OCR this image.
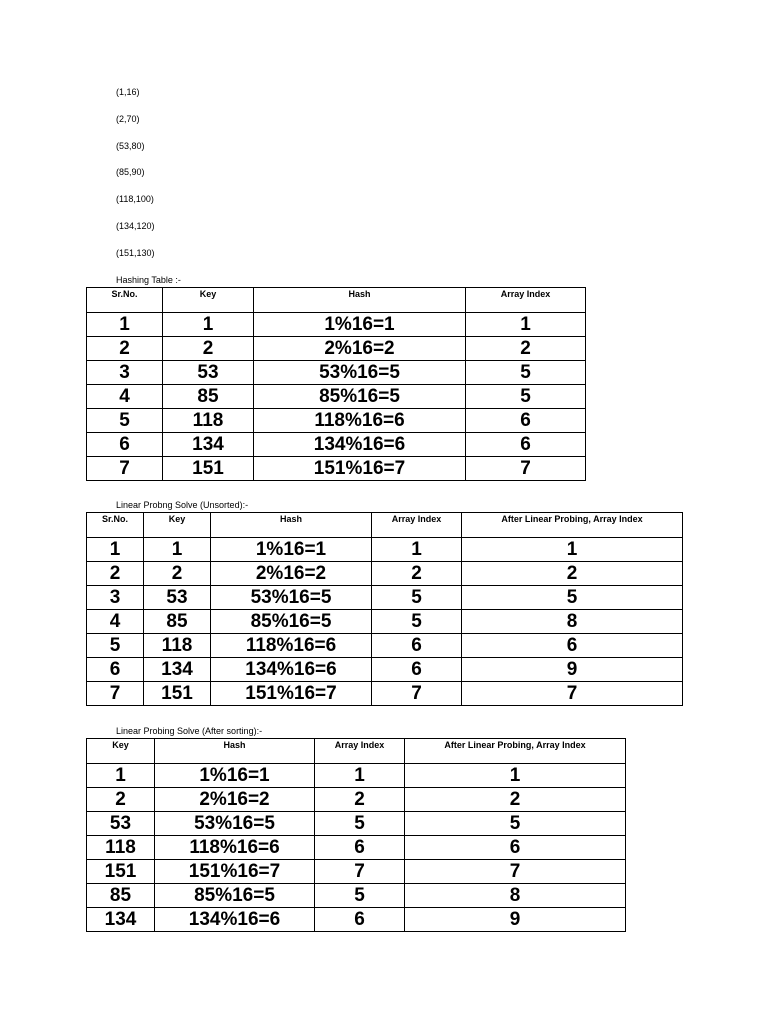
(1,16)
(2,70)
(53,80)
(85,90)
(118,100)
(134,120)
(151,130)
Hashing Table :-
Sr.No.	Key	Hash	Array Index
1	1	1%16=1	1
2	2	2%16=2	2
3	53	53%16=5	5
4	85	85%16=5	5
5	118	118%16=6	6
6	134	134%16=6	6
7	151	151%16=7	7
Linear Probng Solve (Unsorted):-
Sr.No.	Key	Hash	Array Index	After Linear Probing, Array Index
1	1	1%16=1	1	1
2	2	2%16=2	2	2
3	53	53%16=5	5	5
4	85	85%16=5	5	8
5	118	118%16=6	6	6
6	134	134%16=6	6	9
7	151	151%16=7	7	7
Linear Probing Solve (After sorting):-
Key	Hash	Array Index	After Linear Probing, Array Index
1	1%16=1	1	1
2	2%16=2	2	2
53	53%16=5	5	5
118	118%16=6	6	6
151	151%16=7	7	7
85	85%16=5	5	8
134	134%16=6	6	9
